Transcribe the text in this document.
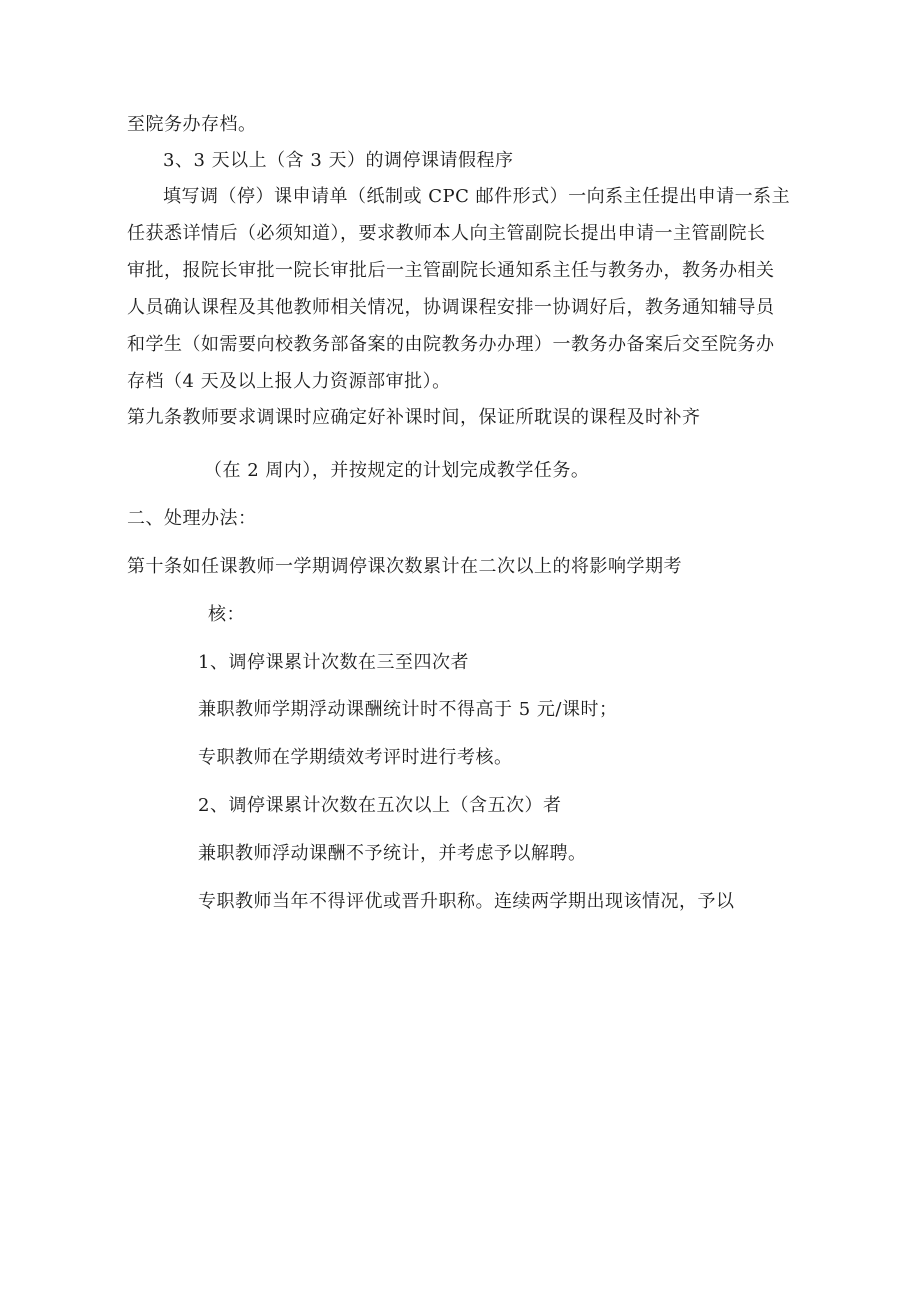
至院务办存档。
3、3 天以上（含 3 天）的调停课请假程序
填写调（停）课申请单（纸制或 CPC 邮件形式）一向系主任提出申请一系主
任获悉详情后（必须知道），要求教师本人向主管副院长提出申请一主管副院长
审批，报院长审批一院长审批后一主管副院长通知系主任与教务办，教务办相关
人员确认课程及其他教师相关情况，协调课程安排一协调好后，教务通知辅导员
和学生（如需要向校教务部备案的由院教务办办理）一教务办备案后交至院务办
存档（4 天及以上报人力资源部审批）。
第九条教师要求调课时应确定好补课时间，保证所耽误的课程及时补齐
（在 2 周内），并按规定的计划完成教学任务。
二、处理办法：
第十条如任课教师一学期调停课次数累计在二次以上的将影响学期考
核：
1、调停课累计次数在三至四次者
兼职教师学期浮动课酬统计时不得高于 5 元/课时；
专职教师在学期绩效考评时进行考核。
2、调停课累计次数在五次以上（含五次）者
兼职教师浮动课酬不予统计，并考虑予以解聘。
专职教师当年不得评优或晋升职称。连续两学期出现该情况，予以
